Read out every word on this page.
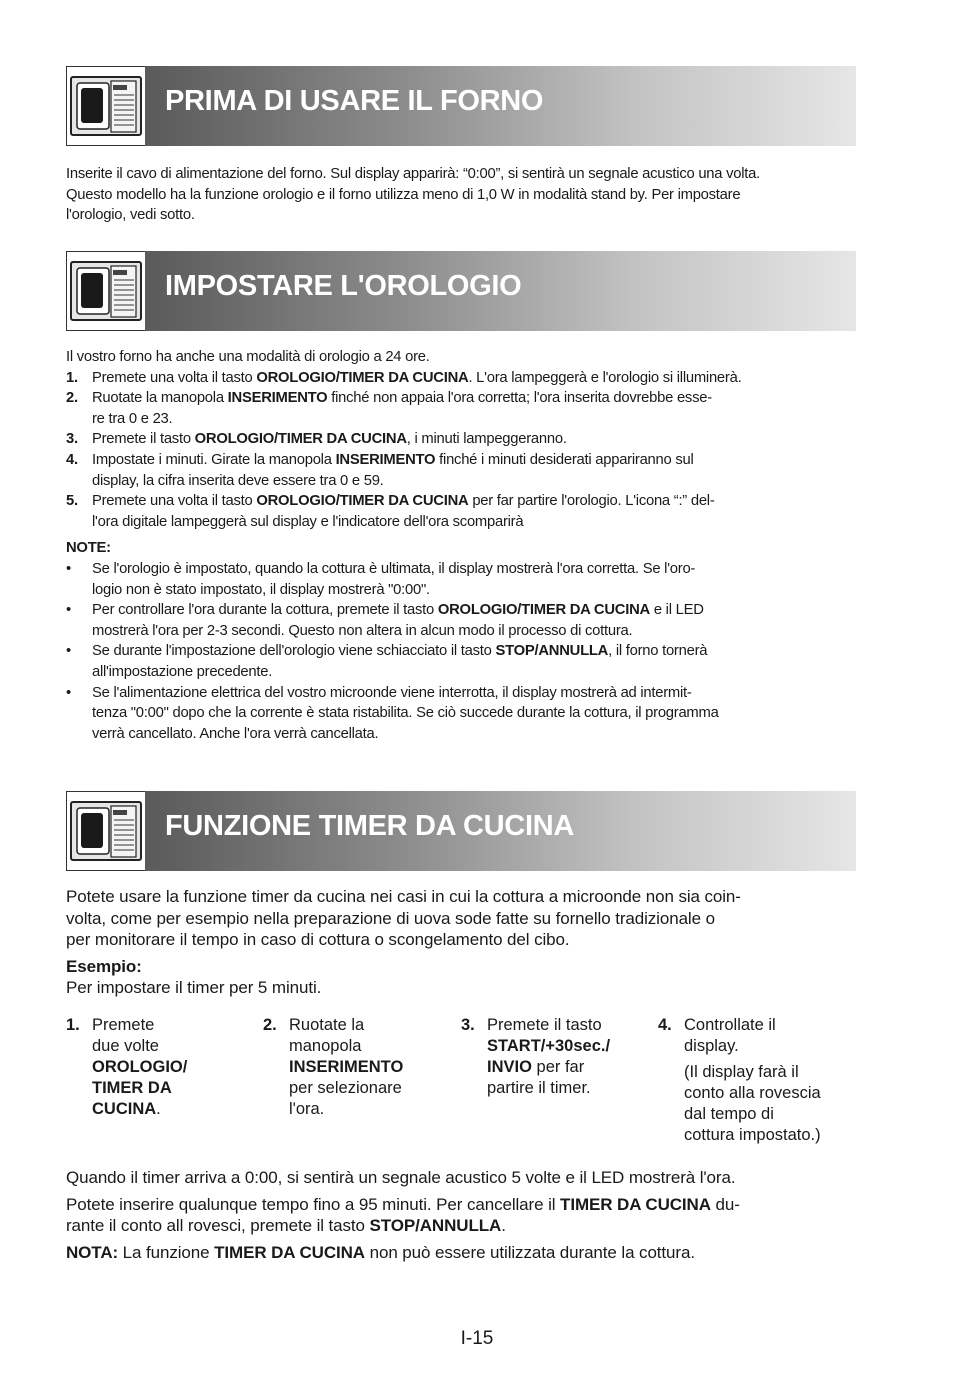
PRIMA DI USARE IL FORNO

Inserite il cavo di alimentazione del forno. Sul display apparirà: “0:00”, si sentirà un segnale acustico una volta.

Questo modello ha la funzione orologio e il forno utilizza meno di 1,0 W in modalità stand by. Per impostare

l'orologio, vedi sotto.

IMPOSTARE L'OROLOGIO

Il vostro forno ha anche una modalità di orologio a 24 ore.

1. Premete una volta il tasto OROLOGIO/TIMER DA CUCINA. L'ora lampeggerà e l'orologio si illuminerà.

2. Ruotate la manopola INSERIMENTO finché non appaia l'ora corretta; l'ora inserita dovrebbe esse-

re tra 0 e 23.

3. Premete il tasto OROLOGIO/TIMER DA CUCINA, i minuti lampeggeranno.

4. Impostate i minuti. Girate la manopola INSERIMENTO finché i minuti desiderati appariranno sul

display, la cifra inserita deve essere tra 0 e 59.

5. Premete una volta il tasto OROLOGIO/TIMER DA CUCINA per far partire l'orologio. L'icona “:” del-

l'ora digitale lampeggerà sul display e l'indicatore dell'ora scomparirà

NOTE:

• Se l'orologio è impostato, quando la cottura è ultimata, il display mostrerà l'ora corretta. Se l'oro-

logio non è stato impostato, il display mostrerà "0:00".

• Per controllare l'ora durante la cottura, premete il tasto OROLOGIO/TIMER DA CUCINA e il LED

mostrerà l'ora per 2-3 secondi. Questo non altera in alcun modo il processo di cottura.

• Se durante l'impostazione dell'orologio viene schiacciato il tasto STOP/ANNULLA, il forno tornerà

all'impostazione precedente.

• Se l'alimentazione elettrica del vostro microonde viene interrotta, il display mostrerà ad intermit-

tenza "0:00" dopo che la corrente è stata ristabilita. Se ciò succede durante la cottura, il programma

verrà cancellato. Anche l'ora verrà cancellata.

FUNZIONE TIMER DA CUCINA

Potete usare la funzione timer da cucina nei casi in cui la cottura a microonde non sia coin-

volta, come per esempio nella preparazione di uova sode fatte su fornello tradizionale o

per monitorare il tempo in caso di cottura o scongelamento del cibo.

Esempio:

Per impostare il timer per 5 minuti.

1. Premete

due volte

OROLOGIO/

TIMER DA

CUCINA.

2. Ruotate la

manopola

INSERIMENTO

per selezionare

l'ora.

3. Premete il tasto

START/+30sec./

INVIO per far

partire il timer.

4. Controllate il

display.

(Il display farà il

conto alla rovescia

dal tempo di

cottura impostato.)

Quando il timer arriva a 0:00, si sentirà un segnale acustico 5 volte e il LED mostrerà l'ora.

Potete inserire qualunque tempo fino a 95 minuti. Per cancellare il TIMER DA CUCINA du-

rante il conto all rovesci, premete il tasto STOP/ANNULLA.

NOTA: La funzione TIMER DA CUCINA non può essere utilizzata durante la cottura.

I-15
